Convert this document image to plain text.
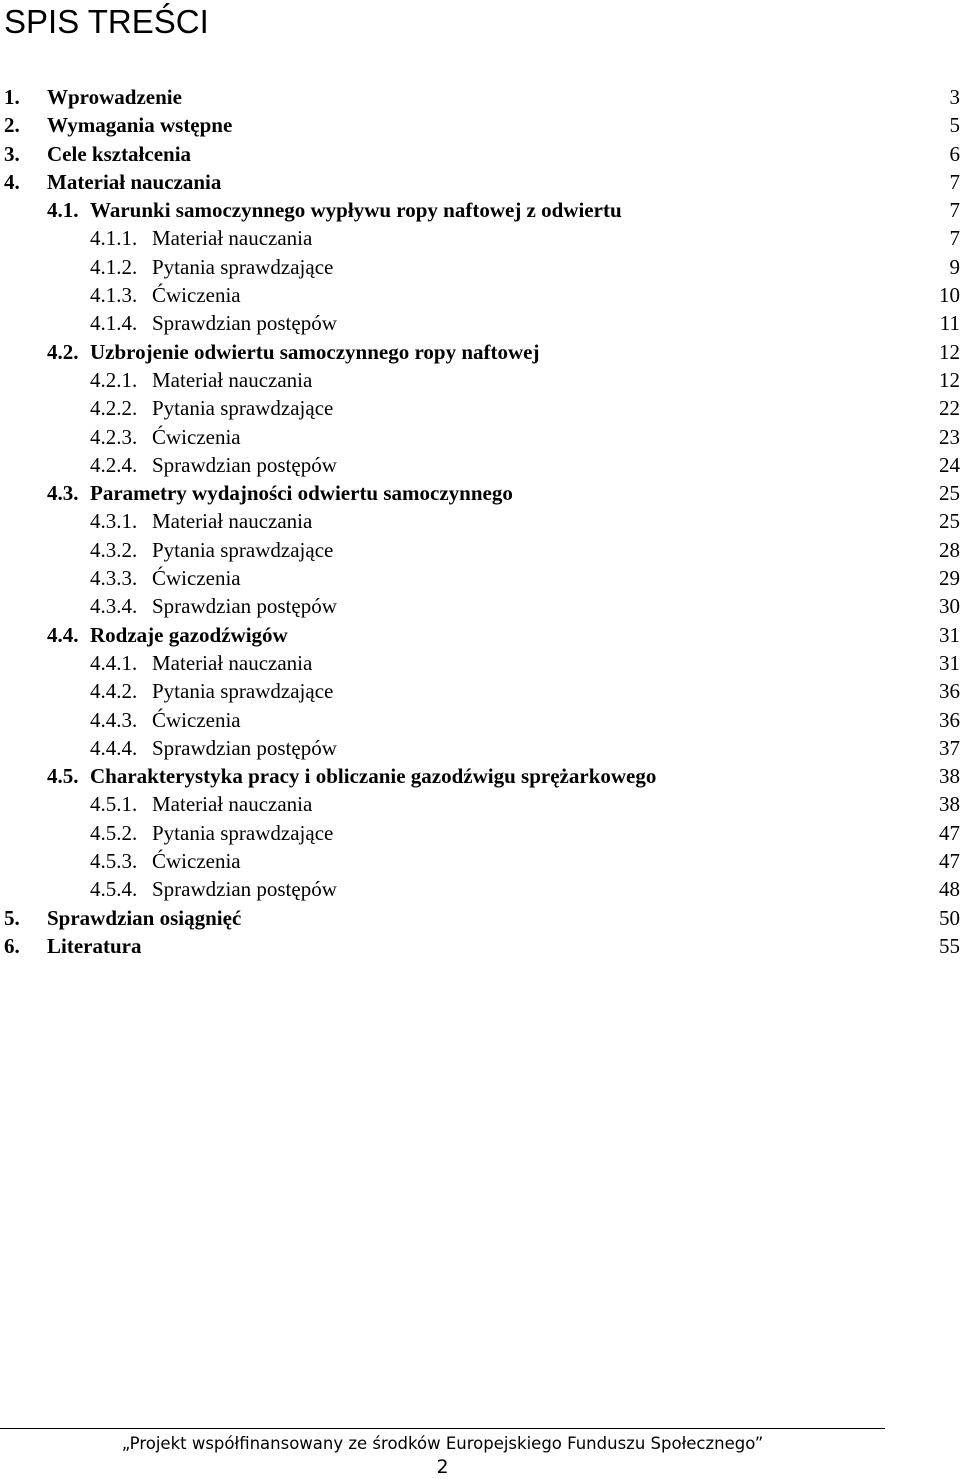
SPIS TREŚCI
1. Wprowadzenie	3
2. Wymagania wstępne	5
3. Cele kształcenia	6
4. Materiał nauczania	7
4.1. Warunki samoczynnego wypływu ropy naftowej z odwiertu	7
4.1.1. Materiał nauczania	7
4.1.2. Pytania sprawdzające	9
4.1.3. Ćwiczenia	10
4.1.4. Sprawdzian postępów	11
4.2. Uzbrojenie odwiertu samoczynnego ropy naftowej	12
4.2.1. Materiał nauczania	12
4.2.2. Pytania sprawdzające	22
4.2.3. Ćwiczenia	23
4.2.4. Sprawdzian postępów	24
4.3. Parametry wydajności odwiertu samoczynnego	25
4.3.1. Materiał nauczania	25
4.3.2. Pytania sprawdzające	28
4.3.3. Ćwiczenia	29
4.3.4. Sprawdzian postępów	30
4.4. Rodzaje gazodźwigów	31
4.4.1. Materiał nauczania	31
4.4.2. Pytania sprawdzające	36
4.4.3. Ćwiczenia	36
4.4.4. Sprawdzian postępów	37
4.5. Charakterystyka pracy i obliczanie gazodźwigu sprężarkowego	38
4.5.1. Materiał nauczania	38
4.5.2. Pytania sprawdzające	47
4.5.3. Ćwiczenia	47
4.5.4. Sprawdzian postępów	48
5. Sprawdzian osiągnięć	50
6. Literatura	55
„Projekt współfinansowany ze środków Europejskiego Funduszu Społecznego”
2
